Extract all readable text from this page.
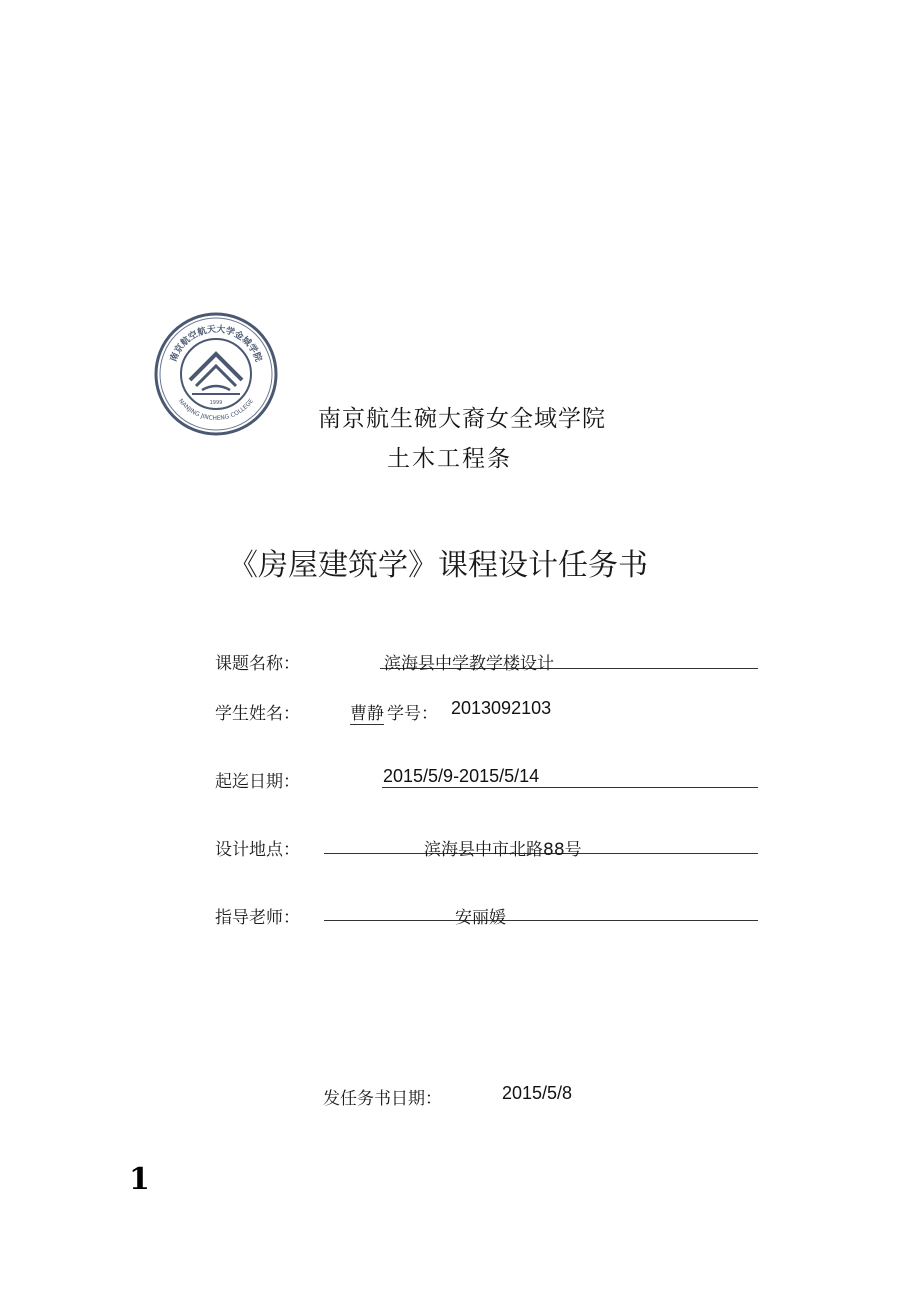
南京航空航天大学金城学院
NANJING JINCHENG COLLEGE
1999
南京航生碗大裔女全域学院
土木工程条
《房屋建筑学》课程设计任务书
课题名称：	滨海县中学教学楼设计
学生姓名：	曹静 学号： 2013092103
起迄日期：	2015/5/9-2015/5/14
设计地点：	滨海县中市北路88号
指导老师：	安丽媛
发任务书日期：	2015/5/8
1
